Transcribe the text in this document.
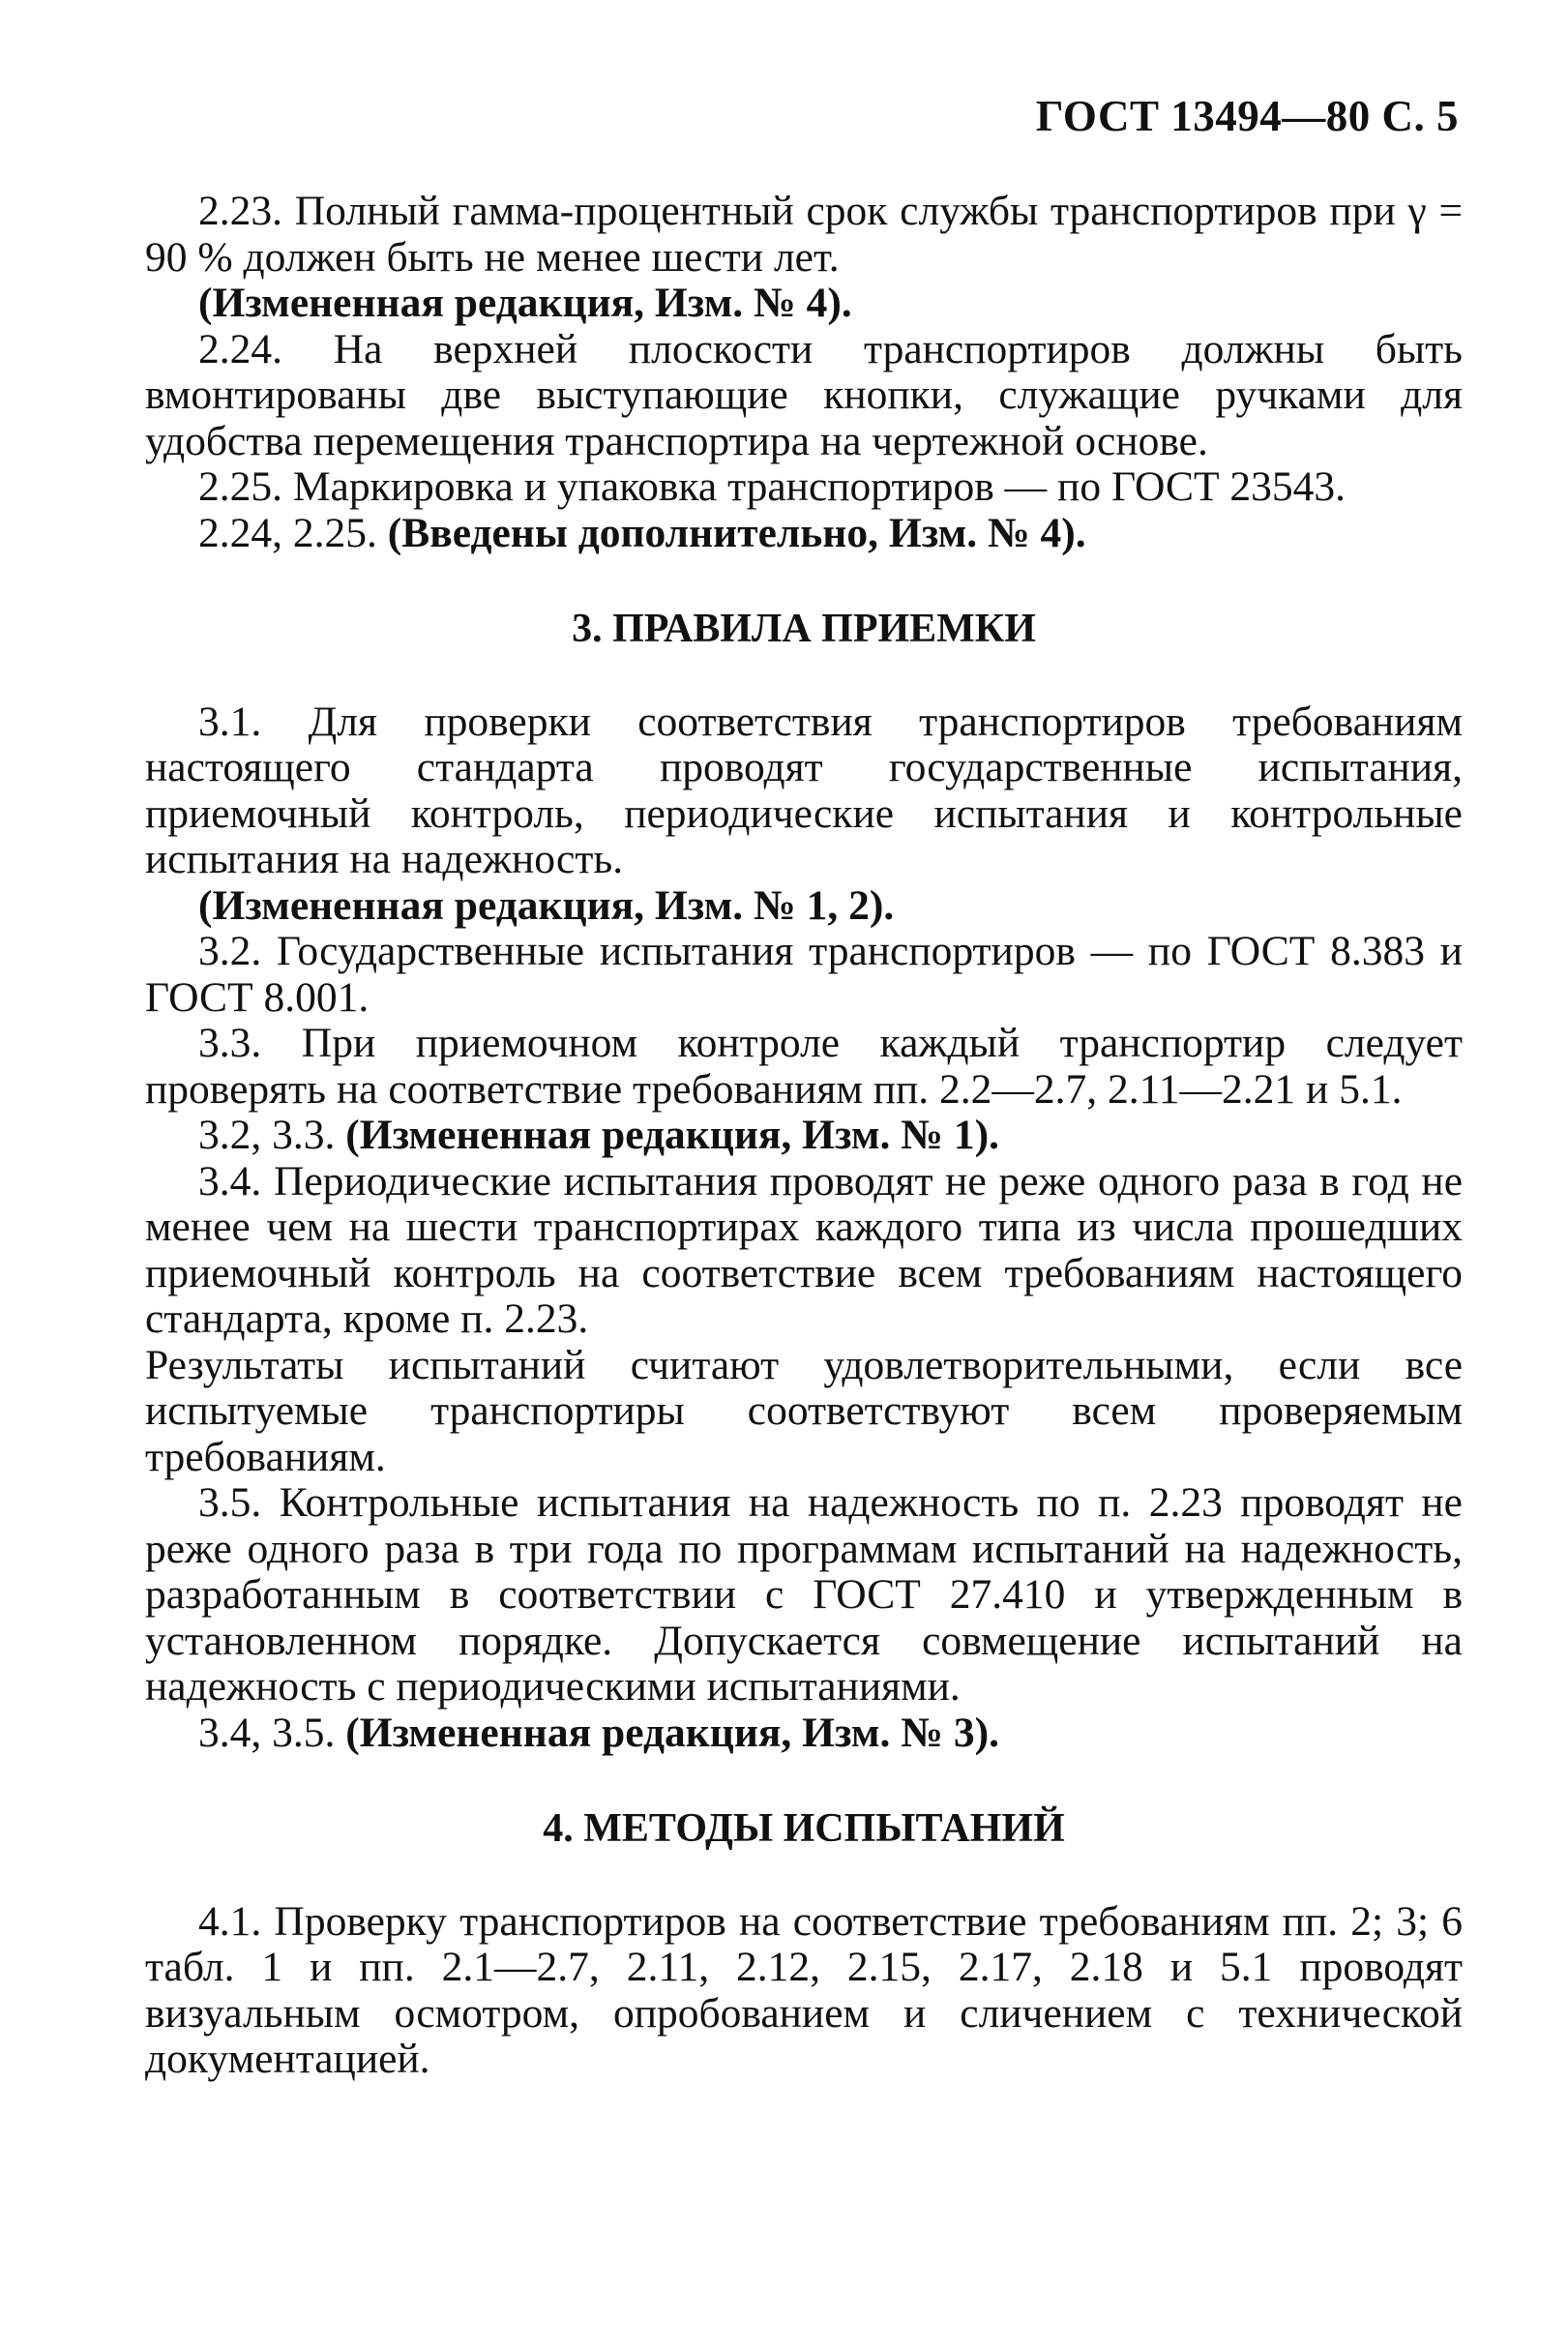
ГОСТ 13494—80 С. 5

2.23. Полный гамма-процентный срок службы транспортиров при γ = 90 % должен быть не менее шести лет.

(Измененная редакция, Изм. № 4).

2.24. На верхней плоскости транспортиров должны быть вмонтированы две выступающие кнопки, служащие ручками для удобства перемещения транспортира на чертежной основе.

2.25. Маркировка и упаковка транспортиров — по ГОСТ 23543.

2.24, 2.25. (Введены дополнительно, Изм. № 4).

3. ПРАВИЛА ПРИЕМКИ

3.1. Для проверки соответствия транспортиров требованиям настоящего стандарта проводят государственные испытания, приемочный контроль, периодические испытания и контрольные испытания на надежность.

(Измененная редакция, Изм. № 1, 2).

3.2. Государственные испытания транспортиров — по ГОСТ 8.383 и ГОСТ 8.001.

3.3. При приемочном контроле каждый транспортир следует проверять на соответствие требованиям пп. 2.2—2.7, 2.11—2.21 и 5.1.

3.2, 3.3. (Измененная редакция, Изм. № 1).

3.4. Периодические испытания проводят не реже одного раза в год не менее чем на шести транспортирах каждого типа из числа прошедших приемочный контроль на соответствие всем требованиям настоящего стандарта, кроме п. 2.23.

Результаты испытаний считают удовлетворительными, если все испытуемые транспортиры соответствуют всем проверяемым требованиям.

3.5. Контрольные испытания на надежность по п. 2.23 проводят не реже одного раза в три года по программам испытаний на надежность, разработанным в соответствии с ГОСТ 27.410 и утвержденным в установленном порядке. Допускается совмещение испытаний на надежность с периодическими испытаниями.

3.4, 3.5. (Измененная редакция, Изм. № 3).

4. МЕТОДЫ ИСПЫТАНИЙ

4.1. Проверку транспортиров на соответствие требованиям пп. 2; 3; 6 табл. 1 и пп. 2.1—2.7, 2.11, 2.12, 2.15, 2.17, 2.18 и 5.1 проводят визуальным осмотром, опробованием и сличением с технической документацией.
